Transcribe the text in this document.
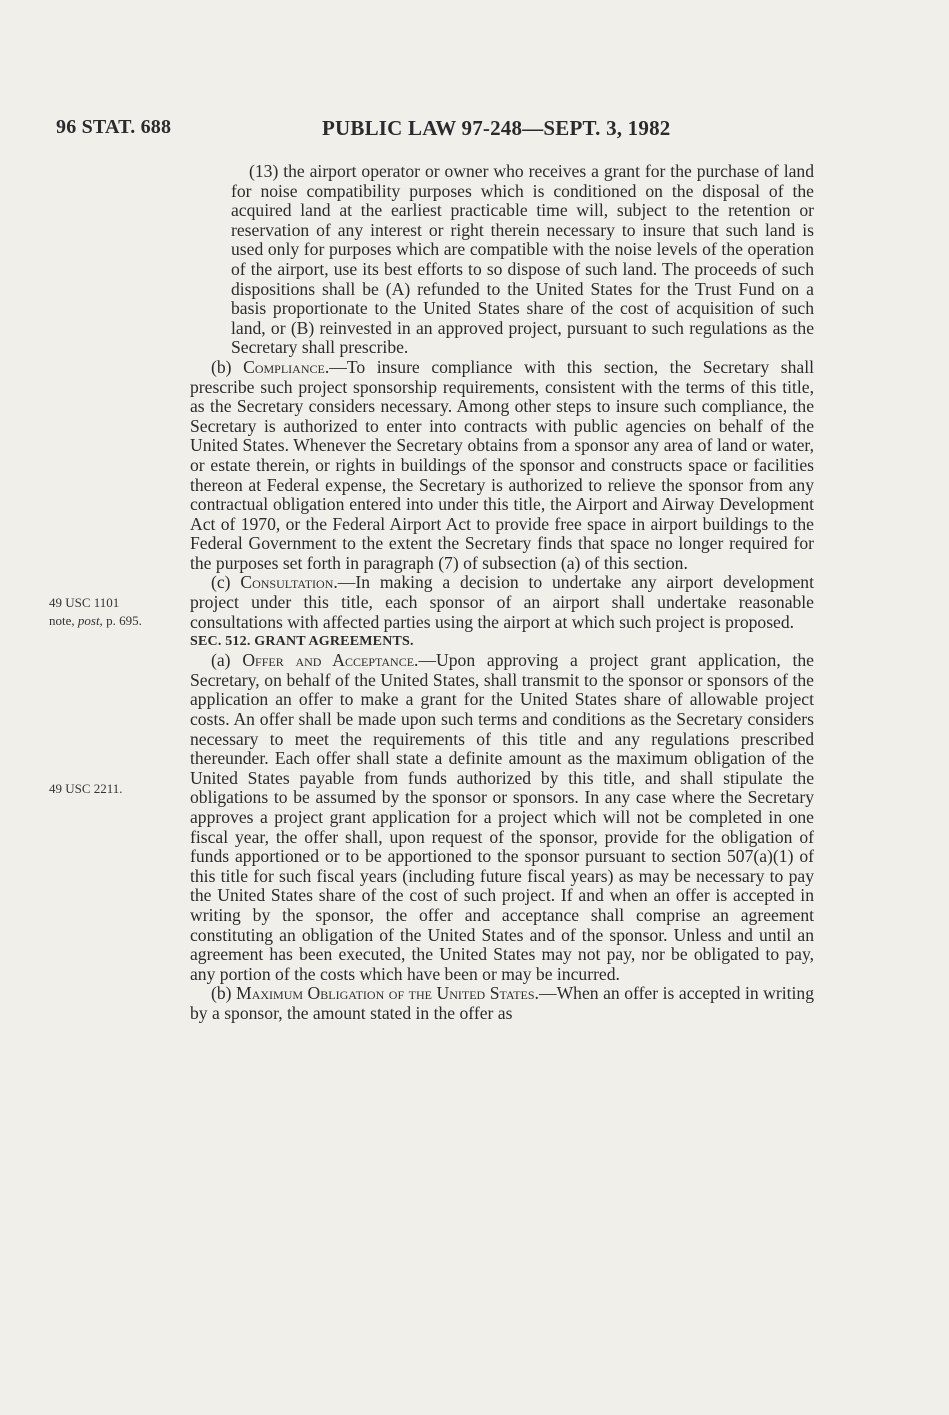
96 STAT. 688	PUBLIC LAW 97-248—SEPT. 3, 1982
49 USC 1101
note, post, p. 695.
49 USC 2211.

(13) the airport operator or owner who receives a grant for the purchase of land for noise compatibility purposes which is conditioned on the disposal of the acquired land at the earliest practicable time will, subject to the retention or reservation of any interest or right therein necessary to insure that such land is used only for purposes which are compatible with the noise levels of the operation of the airport, use its best efforts to so dispose of such land. The proceeds of such dispositions shall be (A) refunded to the United States for the Trust Fund on a basis proportionate to the United States share of the cost of acquisition of such land, or (B) reinvested in an approved project, pursuant to such regulations as the Secretary shall prescribe.

(b) Compliance.—To insure compliance with this section, the Secretary shall prescribe such project sponsorship requirements, consistent with the terms of this title, as the Secretary considers necessary. Among other steps to insure such compliance, the Secretary is authorized to enter into contracts with public agencies on behalf of the United States. Whenever the Secretary obtains from a sponsor any area of land or water, or estate therein, or rights in buildings of the sponsor and constructs space or facilities thereon at Federal expense, the Secretary is authorized to relieve the sponsor from any contractual obligation entered into under this title, the Airport and Airway Development Act of 1970, or the Federal Airport Act to provide free space in airport buildings to the Federal Government to the extent the Secretary finds that space no longer required for the purposes set forth in paragraph (7) of subsection (a) of this section.

(c) Consultation.—In making a decision to undertake any airport development project under this title, each sponsor of an airport shall undertake reasonable consultations with affected parties using the airport at which such project is proposed.

SEC. 512. GRANT AGREEMENTS.

(a) Offer and Acceptance.—Upon approving a project grant application, the Secretary, on behalf of the United States, shall transmit to the sponsor or sponsors of the application an offer to make a grant for the United States share of allowable project costs. An offer shall be made upon such terms and conditions as the Secretary considers necessary to meet the requirements of this title and any regulations prescribed thereunder. Each offer shall state a definite amount as the maximum obligation of the United States payable from funds authorized by this title, and shall stipulate the obligations to be assumed by the sponsor or sponsors. In any case where the Secretary approves a project grant application for a project which will not be completed in one fiscal year, the offer shall, upon request of the sponsor, provide for the obligation of funds apportioned or to be apportioned to the sponsor pursuant to section 507(a)(1) of this title for such fiscal years (including future fiscal years) as may be necessary to pay the United States share of the cost of such project. If and when an offer is accepted in writing by the sponsor, the offer and acceptance shall comprise an agreement constituting an obligation of the United States and of the sponsor. Unless and until an agreement has been executed, the United States may not pay, nor be obligated to pay, any portion of the costs which have been or may be incurred.

(b) Maximum Obligation of the United States.—When an offer is accepted in writing by a sponsor, the amount stated in the offer as
